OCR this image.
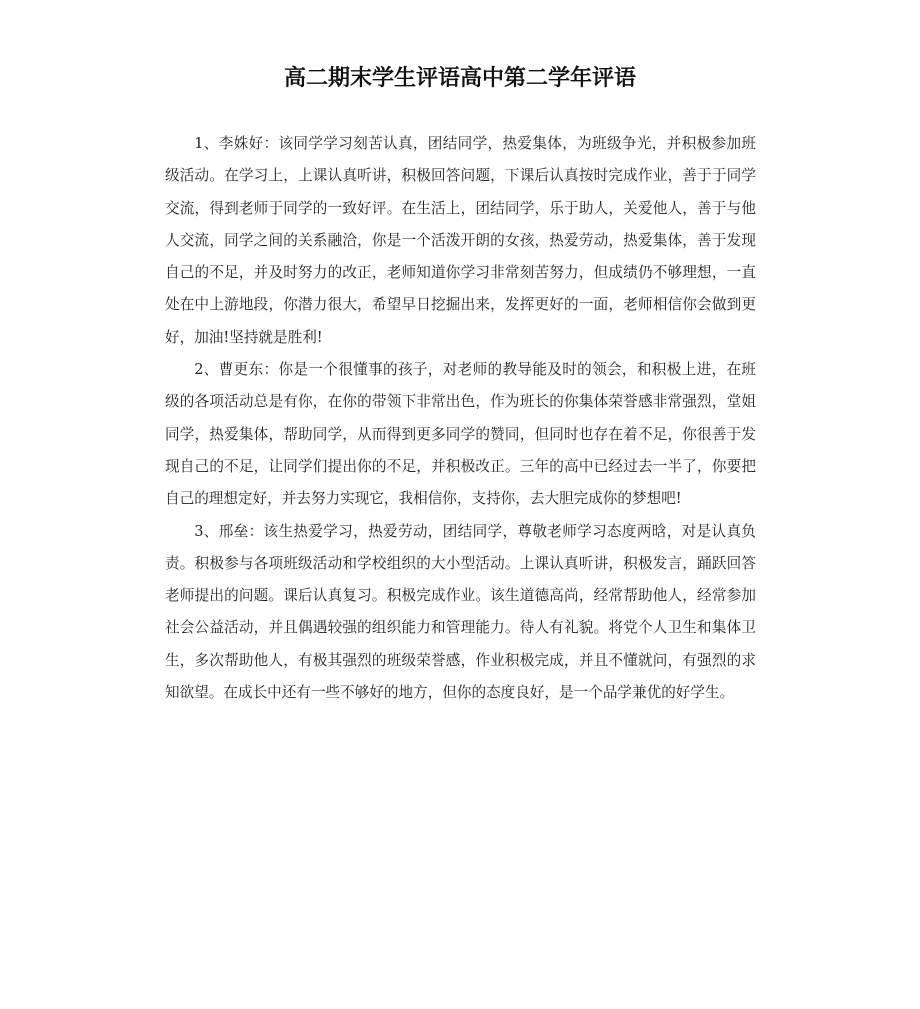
高二期末学生评语高中第二学年评语

1、李姝好：该同学学习刻苦认真，团结同学，热爱集体，为班级争光，并积极参加班级活动。在学习上，上课认真听讲，积极回答问题，下课后认真按时完成作业，善于于同学交流，得到老师于同学的一致好评。在生活上，团结同学，乐于助人，关爱他人，善于与他人交流，同学之间的关系融洽，你是一个活泼开朗的女孩，热爱劳动，热爱集体，善于发现自己的不足，并及时努力的改正，老师知道你学习非常刻苦努力，但成绩仍不够理想，一直处在中上游地段，你潜力很大，希望早日挖掘出来，发挥更好的一面，老师相信你会做到更好，加油!坚持就是胜利!

2、曹更东：你是一个很懂事的孩子，对老师的教导能及时的领会，和积极上进，在班级的各项活动总是有你，在你的带领下非常出色，作为班长的你集体荣誉感非常强烈，堂姐同学，热爱集体，帮助同学，从而得到更多同学的赞同，但同时也存在着不足，你很善于发现自己的不足，让同学们提出你的不足，并积极改正。三年的高中已经过去一半了，你要把自己的理想定好，并去努力实现它，我相信你，支持你，去大胆完成你的梦想吧!

3、邢垒：该生热爱学习，热爱劳动，团结同学，尊敬老师学习态度两晗，对是认真负责。积极参与各项班级活动和学校组织的大小型活动。上课认真听讲，积极发言，踊跃回答老师提出的问题。课后认真复习。积极完成作业。该生道德高尚，经常帮助他人，经常参加社会公益活动，并且偶遇较强的组织能力和管理能力。待人有礼貌。将党个人卫生和集体卫生，多次帮助他人，有极其强烈的班级荣誉感，作业积极完成，并且不懂就问，有强烈的求知欲望。在成长中还有一些不够好的地方，但你的态度良好，是一个品学兼优的好学生。
